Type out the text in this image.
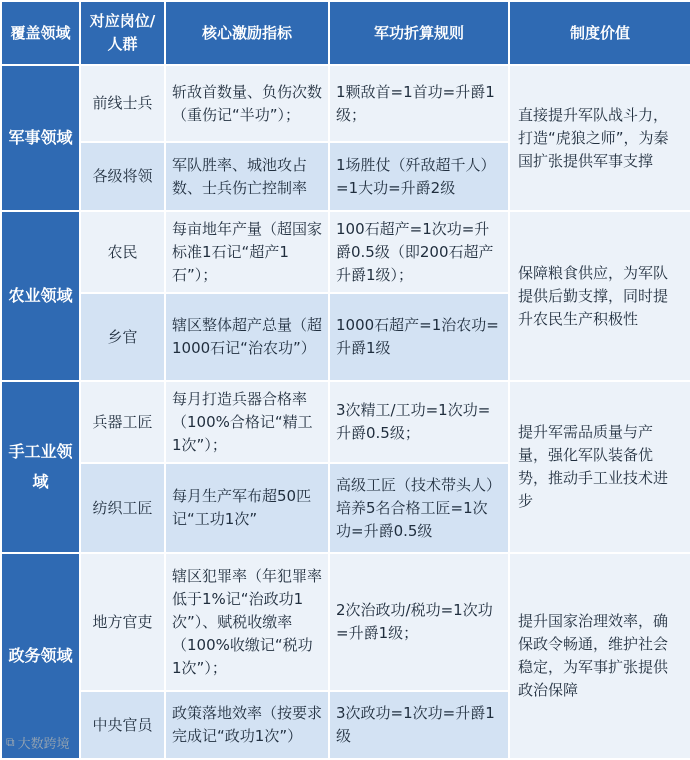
覆盖领域	对应岗位/人群	核心激励指标	军功折算规则	制度价值
军事领域	前线士兵	斩敌首数量、负伤次数（重伤记“半功”）；	1颗敌首=1首功=升爵1级；	直接提升军队战斗力，打造“虎狼之师”，为秦国扩张提供军事支撑
	各级将领	军队胜率、城池攻占数、士兵伤亡控制率	1场胜仗（歼敌超千人）=1大功=升爵2级	
农业领域	农民	每亩地年产量（超国家标准1石记“超产1石”）；	100石超产=1次功=升爵0.5级（即200石超产升爵1级）；	保障粮食供应，为军队提供后勤支撑，同时提升农民生产积极性
	乡官	辖区整体超产总量（超1000石记“治农功”）	1000石超产=1治农功=升爵1级	
手工业领域	兵器工匠	每月打造兵器合格率（100%合格记“精工1次”）；	3次精工/工功=1次功=升爵0.5级；	提升军需品质量与产量，强化军队装备优势，推动手工业技术进步
	纺织工匠	每月生产军布超50匹记“工功1次”	高级工匠（技术带头人）培养5名合格工匠=1次功=升爵0.5级	
政务领域	地方官吏	辖区犯罪率（年犯罪率低于1%记“治政功1次”）、赋税收缴率（100%收缴记“税功1次”）；	2次治政功/税功=1次功=升爵1级；	提升国家治理效率，确保政令畅通，维护社会稳定，为军事扩张提供政治保障
	中央官员	政策落地效率（按要求完成记“政功1次”）	3次政功=1次功=升爵1级	
⧉ 大数跨境
